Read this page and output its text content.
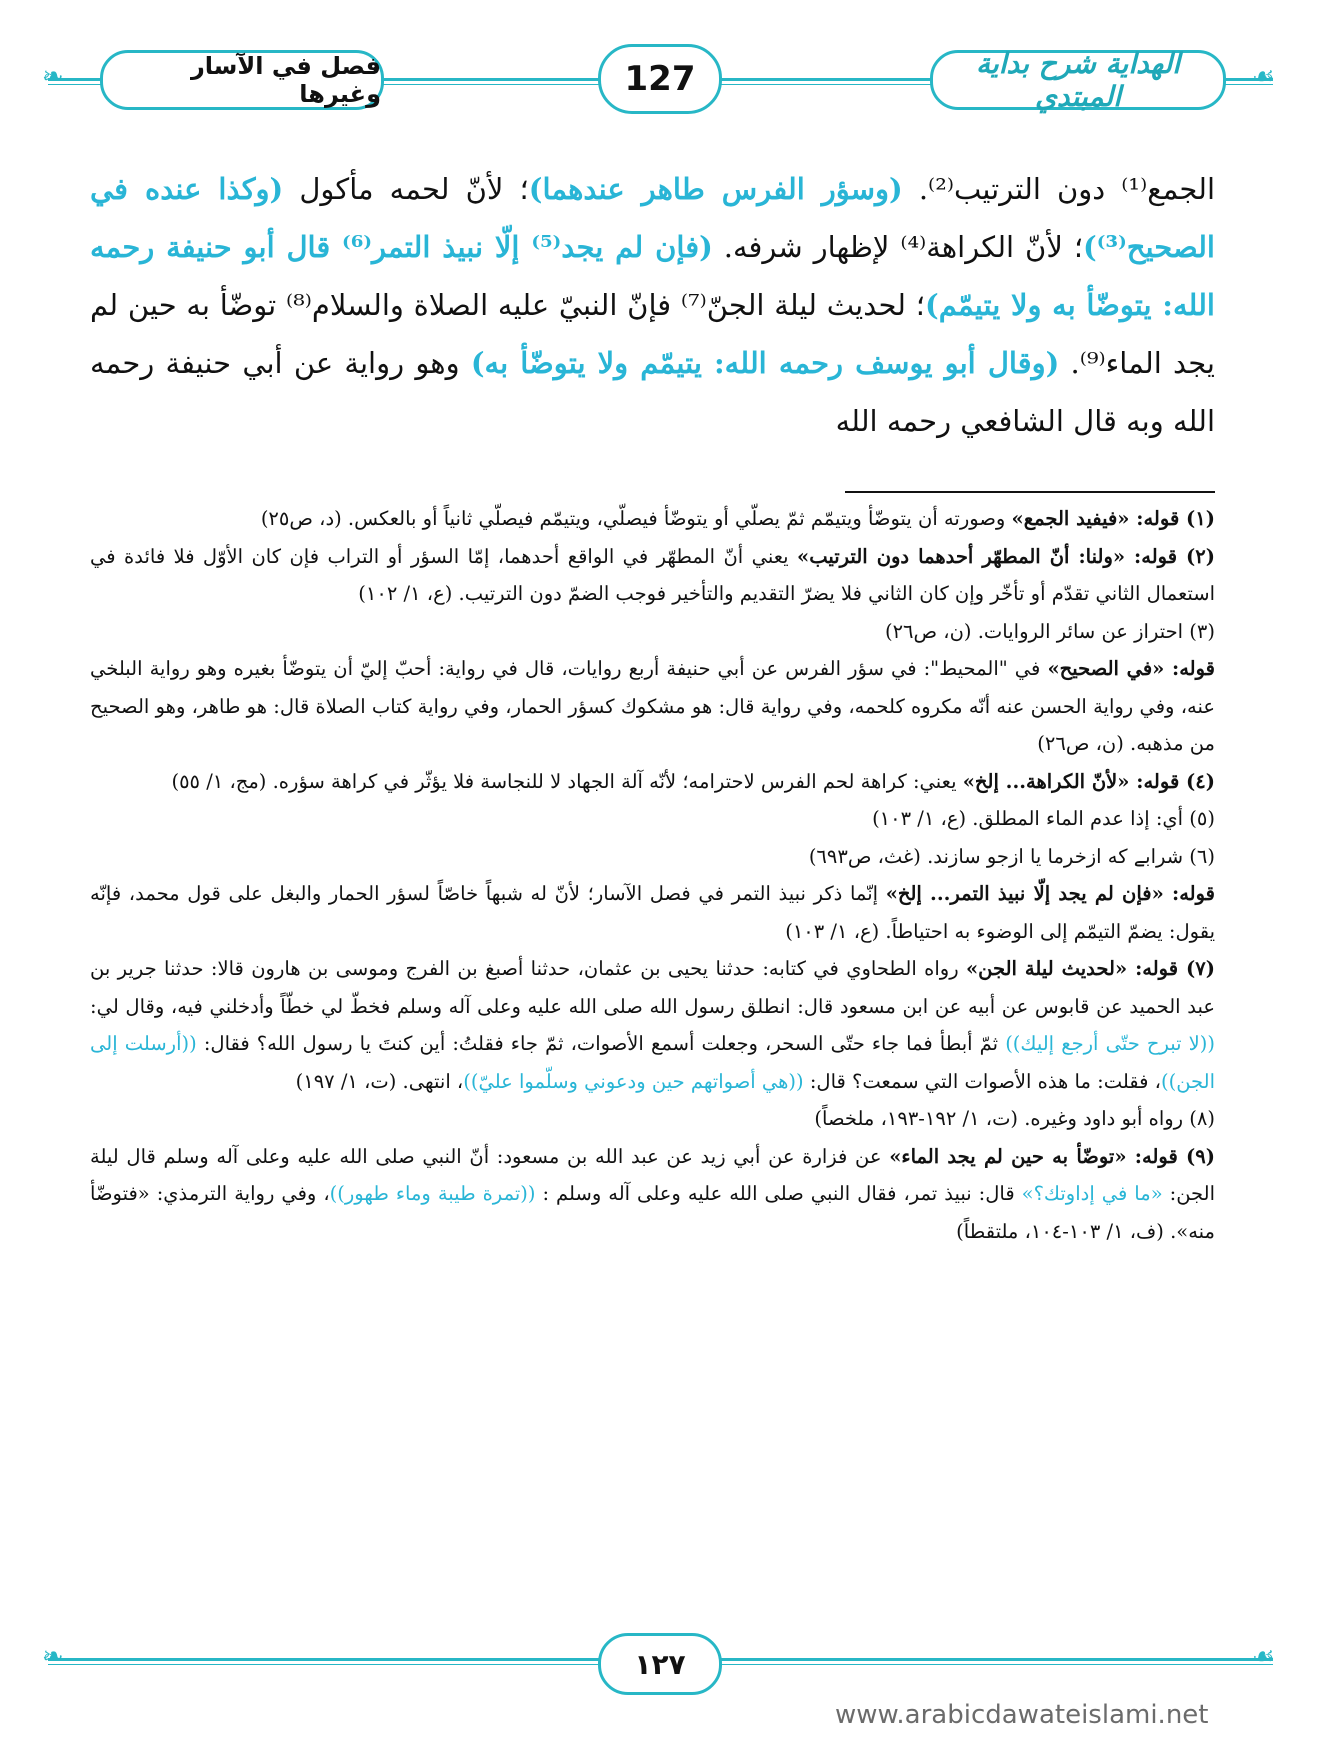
❧	☙
فصل في الآسار وغيرها	127	الهداية شرح بداية المبتدي
الجمع⁽¹⁾ دون الترتيب⁽²⁾. (وسؤر الفرس طاهر عندهما)؛ لأنّ لحمه مأكول (وكذا عنده في الصحيح⁽³⁾)؛ لأنّ الكراهة⁽⁴⁾ لإظهار شرفه. (فإن لم يجد⁽⁵⁾ إلّا نبيذ التمر⁽⁶⁾ قال أبو حنيفة رحمه الله: يتوضّأ به ولا يتيمّم)؛ لحديث ليلة الجنّ⁽⁷⁾ فإنّ النبيّ عليه الصلاة والسلام⁽⁸⁾ توضّأ به حين لم يجد الماء⁽⁹⁾. (وقال أبو يوسف رحمه الله: يتيمّم ولا يتوضّأ به) وهو رواية عن أبي حنيفة رحمه الله وبه قال الشافعي رحمه الله
(١) قوله: «فيفيد الجمع» وصورته أن يتوضّأ ويتيمّم ثمّ يصلّي أو يتوضّأ فيصلّي، ويتيمّم فيصلّي ثانياً أو بالعكس. (د، ص٢٥)
(٢) قوله: «ولنا: أنّ المطهّر أحدهما دون الترتيب» يعني أنّ المطهّر في الواقع أحدهما، إمّا السؤر أو التراب فإن كان الأوّل فلا فائدة في استعمال الثاني تقدّم أو تأخّر وإن كان الثاني فلا يضرّ التقديم والتأخير فوجب الضمّ دون الترتيب. (ع، ١/ ١٠٢)
(٣) احتراز عن سائر الروايات. (ن، ص٢٦)
قوله: «في الصحيح» في "المحيط": في سؤر الفرس عن أبي حنيفة أربع روايات، قال في رواية: أحبّ إليّ أن يتوضّأ بغيره وهو رواية البلخي عنه، وفي رواية الحسن عنه أنّه مكروه كلحمه، وفي رواية قال: هو مشكوك كسؤر الحمار، وفي رواية كتاب الصلاة قال: هو طاهر، وهو الصحيح من مذهبه. (ن، ص٢٦)
(٤) قوله: «لأنّ الكراهة... إلخ» يعني: كراهة لحم الفرس لاحترامه؛ لأنّه آلة الجهاد لا للنجاسة فلا يؤثّر في كراهة سؤره. (مج، ١/ ٥٥)
(٥) أي: إذا عدم الماء المطلق. (ع، ١/ ١٠٣)
(٦) شرابے كه ازخرما يا ازجو سازند. (غث، ص٦٩٣)
قوله: «فإن لم يجد إلّا نبيذ التمر... إلخ» إنّما ذكر نبيذ التمر في فصل الآسار؛ لأنّ له شبهاً خاصّاً لسؤر الحمار والبغل على قول محمد، فإنّه يقول: يضمّ التيمّم إلى الوضوء به احتياطاً. (ع، ١/ ١٠٣)
(٧) قوله: «لحديث ليلة الجن» رواه الطحاوي في كتابه: حدثنا يحيى بن عثمان، حدثنا أصبغ بن الفرج وموسى بن هارون قالا: حدثنا جرير بن عبد الحميد عن قابوس عن أبيه عن ابن مسعود قال: انطلق رسول الله صلى الله عليه وعلى آله وسلم فخطّ لي خطّاً وأدخلني فيه، وقال لي: ((لا تبرح حتّى أرجع إليك)) ثمّ أبطأ فما جاء حتّى السحر، وجعلت أسمع الأصوات، ثمّ جاء فقلتُ: أين كنتَ يا رسول الله؟ فقال: ((أرسلت إلى الجن))، فقلت: ما هذه الأصوات التي سمعت؟ قال: ((هي أصواتهم حين ودعوني وسلّموا عليّ))، انتهى. (ت، ١/ ١٩٧)
(٨) رواه أبو داود وغيره. (ت، ١/ ١٩٢-١٩٣، ملخصاً)
(٩) قوله: «توضّأ به حين لم يجد الماء» عن فزارة عن أبي زيد عن عبد الله بن مسعود: أنّ النبي صلى الله عليه وعلى آله وسلم قال ليلة الجن: «ما في إداوتك؟» قال: نبيذ تمر، فقال النبي صلى الله عليه وعلى آله وسلم : ((تمرة طيبة وماء طهور))، وفي رواية الترمذي: «فتوضّأ منه». (ف، ١/ ١٠٣-١٠٤، ملتقطاً)
❧	☙
١٢٧
www.arabicdawateislami.net
